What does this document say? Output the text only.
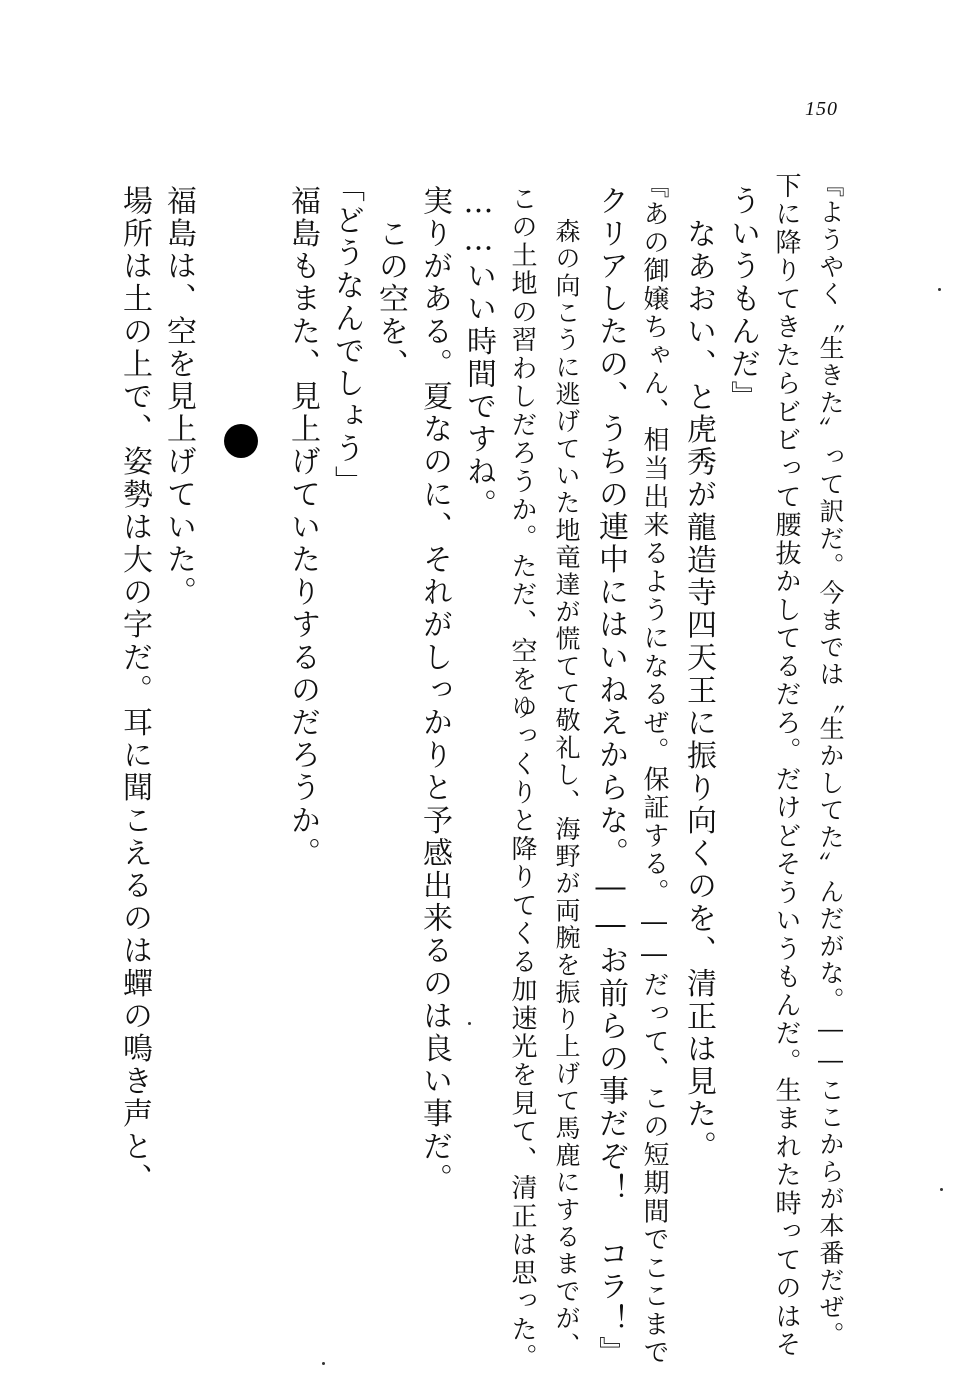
150
『ようやく〝生きた〟って訳だ。今までは〝生かしてた〟んだがな。――ここからが本番だぜ。
下に降りてきたらビビって腰抜かしてるだろ。だけどそういうもんだ。生まれた時ってのはそ
ういうもんだ』
なあおい、と虎秀が龍造寺四天王に振り向くのを、清正は見た。
『あの御嬢ちゃん、相当出来るようになるぜ。保証する。――だって、この短期間でここまで
クリアしたの、うちの連中にはいねえからな。――お前らの事だぞ！　コラ！』
森の向こうに逃げていた地竜達が慌てて敬礼し、海野が両腕を振り上げて馬鹿にするまでが、
この土地の習わしだろうか。ただ、空をゆっくりと降りてくる加速光を見て、清正は思った。
……いい時間ですね。
実りがある。夏なのに、それがしっかりと予感出来るのは良い事だ。
この空を、
「どうなんでしょう」
福島もまた、見上げていたりするのだろうか。
福島は、空を見上げていた。
場所は土の上で、姿勢は大の字だ。耳に聞こえるのは蟬の鳴き声と、
